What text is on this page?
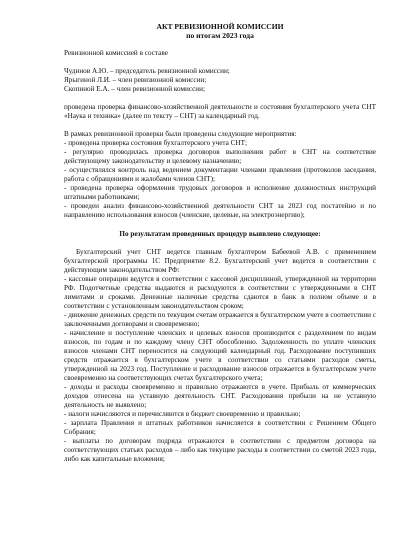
АКТ РЕВИЗИОННОЙ КОМИССИИ

по итогам 2023 года

Ревизионной комиссией в составе

Чудинов А.Ю. – председатель ревизионной комиссии;

Ярыгиной Л.И. – член ревизионной комиссии;

Скопиной Е.А. – член ревизионной комиссии;

проведена проверка финансово-хозяйственной деятельности и состояния бухгалтерского учета СНТ «Наука и техника» (далее по тексту – СНТ) за календарный год.

В рамках ревизионной проверки были проведены следующие мероприятия:

- проведена проверка состояния бухгалтерского учета СНТ;

- регулярно проводилась проверка договоров выполнения работ в СНТ на соответствие действующему законодательству и целевому назначению;

- осуществлялся контроль над ведением документации членами правления (протоколов заседания, работа с обращениями и жалобами членов СНТ);

- проведена проверка оформления трудовых договоров и исполнение должностных инструкций штатными работниками;

- проведен анализ финансово-хозяйственной деятельности СНТ за 2023 год постатейно и по направлению использования взносов (членские, целевые, на электроэнергию);

По результатам проведенных процедур выявлено следующее:

Бухгалтерский учет СНТ ведется главным бухгалтером Бабеевой А.В. с применением бухгалтерской программы 1С Предприятие 8.2. Бухгалтерский учет ведется в соответствии с действующим законодательством РФ:

- кассовые операции ведутся в соответствии с кассовой дисциплиной, утвержденной на территории РФ. Подотчетные средства выдаются и расходуются в соответствии с утвержденными в СНТ лимитами и сроками. Денежные наличные средства сдаются в банк в полном объеме и в соответствии с установленным законодательством сроком;

- движение денежных средств по текущим счетам отражается в бухгалтерском учете в соответствии с заключенными договорами и своевременно;

- начисление и поступление членских и целевых взносов производится с разделением по видам взносов, по годам и по каждому члену СНТ обособленно. Задолженность по уплате членских взносов членами СНТ переносится на следующий календарный год. Расходование поступивших средств отражается в бухгалтерском учете в соответствии со статьями расходов сметы, утвержденной на 2023 год. Поступление и расходование взносов отражается в бухгалтерском учете своевременно на соответствующих счетах бухгалтерского учета;

- доходы и расходы своевременно и правильно отражаются в учете. Прибыль от коммерческих доходов отнесена на уставную деятельность СНТ. Расходования прибыли на не уставную деятельность не выявлено;

- налоги начисляются и перечисляются в бюджет своевременно и правильно;

- зарплата Правления и штатных работников начисляется в соответствии с Решением Общего Собрания;

- выплаты по договорам подряда отражаются в соответствии с предметом договора на соответствующих статьях расходов – либо как текущие расходы в соответствии со сметой 2023 года, либо как капитальные вложения;
